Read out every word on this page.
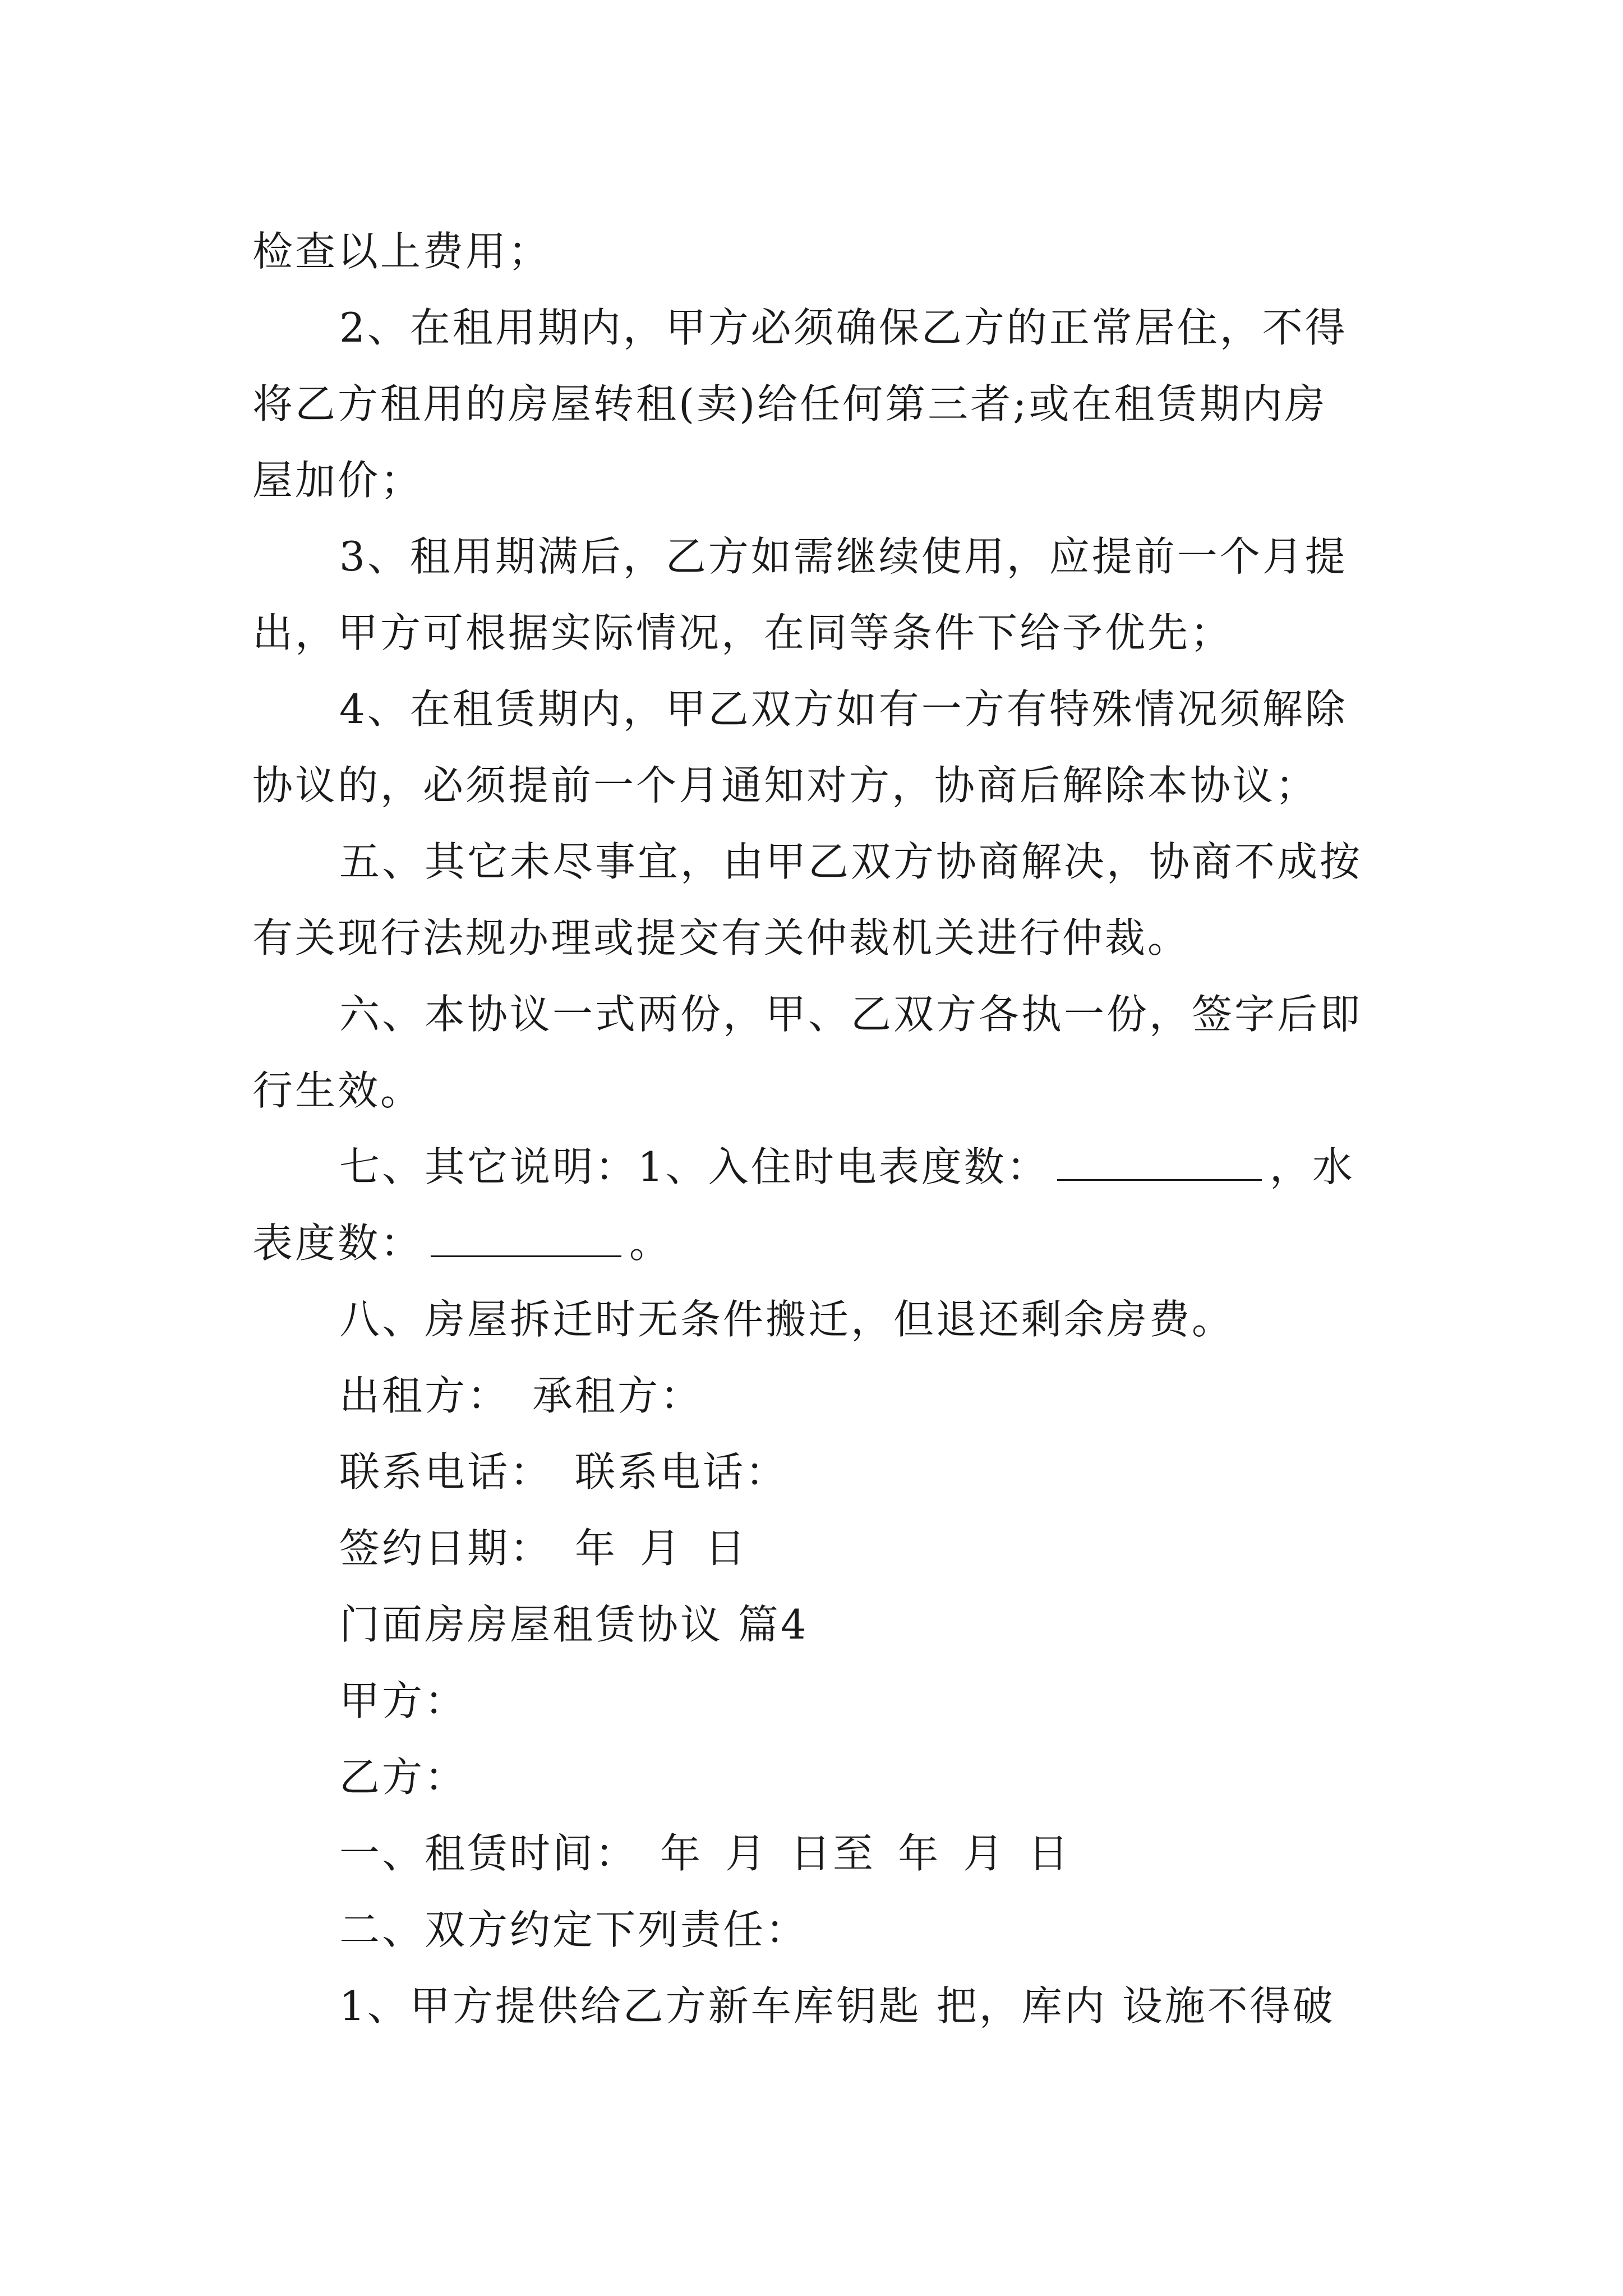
检查以上费用；
2、在租用期内，甲方必须确保乙方的正常居住，不得
将乙方租用的房屋转租(卖)给任何第三者;或在租赁期内房
屋加价；
3、租用期满后，乙方如需继续使用，应提前一个月提
出，甲方可根据实际情况，在同等条件下给予优先；
4、在租赁期内，甲乙双方如有一方有特殊情况须解除
协议的，必须提前一个月通知对方，协商后解除本协议；
五、其它未尽事宜，由甲乙双方协商解决，协商不成按
有关现行法规办理或提交有关仲裁机关进行仲裁。
六、本协议一式两份，甲、乙双方各执一份，签字后即
行生效。
七、其它说明：1、入住时电表度数：	，水
表度数：	。
八、房屋拆迁时无条件搬迁，但退还剩余房费。
出租方： 承租方：
联系电话： 联系电话：
签约日期： 年 月 日
门面房房屋租赁协议 篇4
甲方：
乙方：
一、租赁时间： 年 月 日至 年 月 日
二、双方约定下列责任：
1、甲方提供给乙方新车库钥匙 把，库内 设施不得破
